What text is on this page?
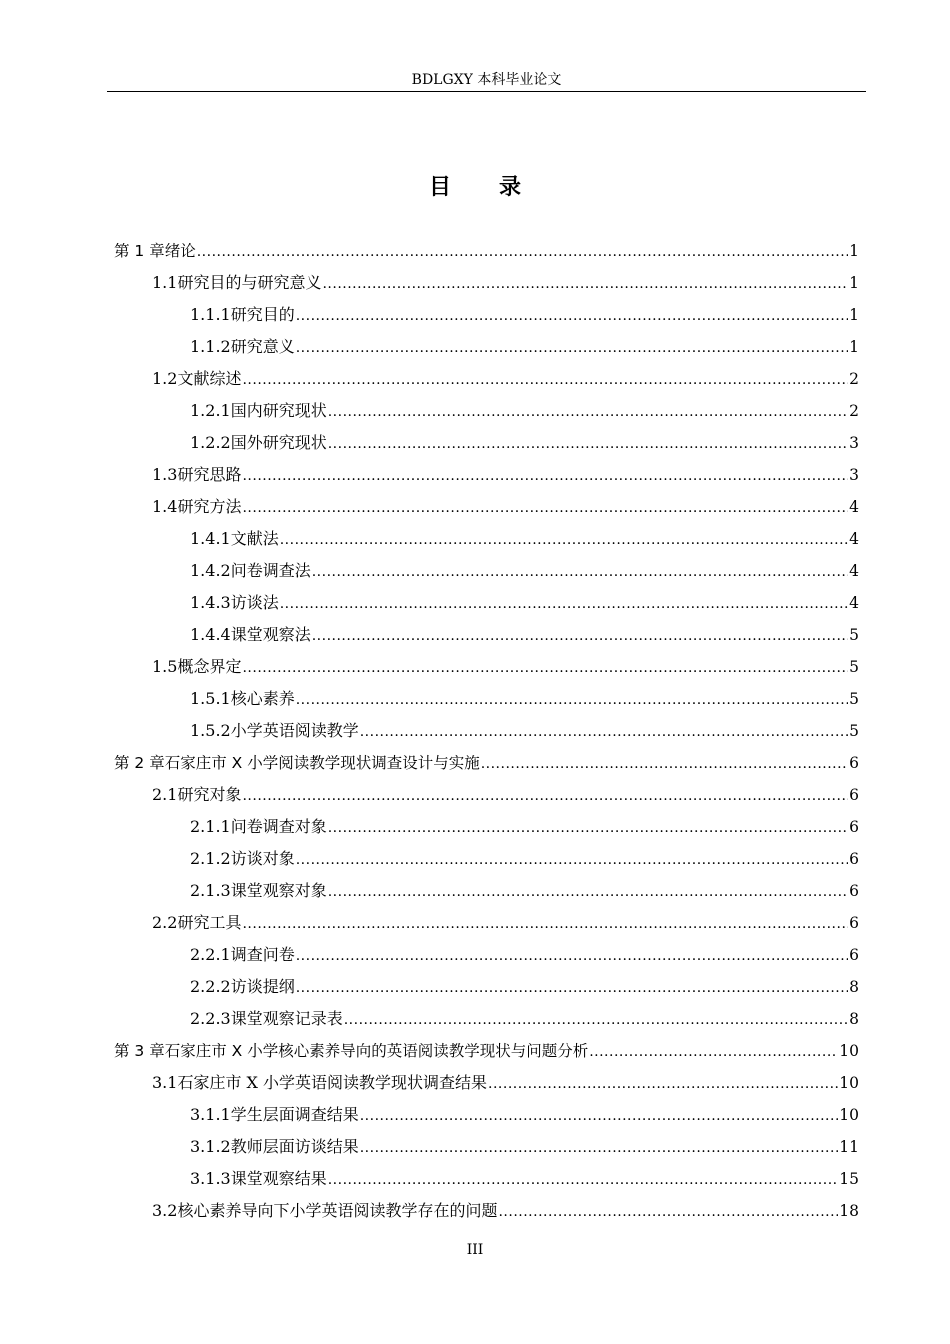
BDLGXY 本科毕业论文
目录
第 1 章 绪论 .....	1
1.1 研究目的与研究意义 .....	1
1.1.1 研究目的 .....	1
1.1.2 研究意义 .....	1
1.2 文献综述 .....	2
1.2.1 国内研究现状 .....	2
1.2.2 国外研究现状 .....	3
1.3 研究思路 .....	3
1.4 研究方法 .....	4
1.4.1 文献法 .....	4
1.4.2 问卷调查法 .....	4
1.4.3 访谈法 .....	4
1.4.4 课堂观察法 .....	5
1.5 概念界定 .....	5
1.5.1 核心素养 .....	5
1.5.2 小学英语阅读教学 .....	5
第 2 章 石家庄市 X 小学阅读教学现状调查设计与实施 .....	6
2.1 研究对象 .....	6
2.1.1 问卷调查对象 .....	6
2.1.2 访谈对象 .....	6
2.1.3 课堂观察对象 .....	6
2.2 研究工具 .....	6
2.2.1 调查问卷 .....	6
2.2.2 访谈提纲 .....	8
2.2.3 课堂观察记录表 .....	8
第 3 章 石家庄市 X 小学核心素养导向的英语阅读教学现状与问题分析 .....	10
3.1 石家庄市 X 小学英语阅读教学现状调查结果 .....	10
3.1.1 学生层面调查结果 .....	10
3.1.2 教师层面访谈结果 .....	11
3.1.3 课堂观察结果 .....	15
3.2 核心素养导向下小学英语阅读教学存在的问题 .....	18
III
